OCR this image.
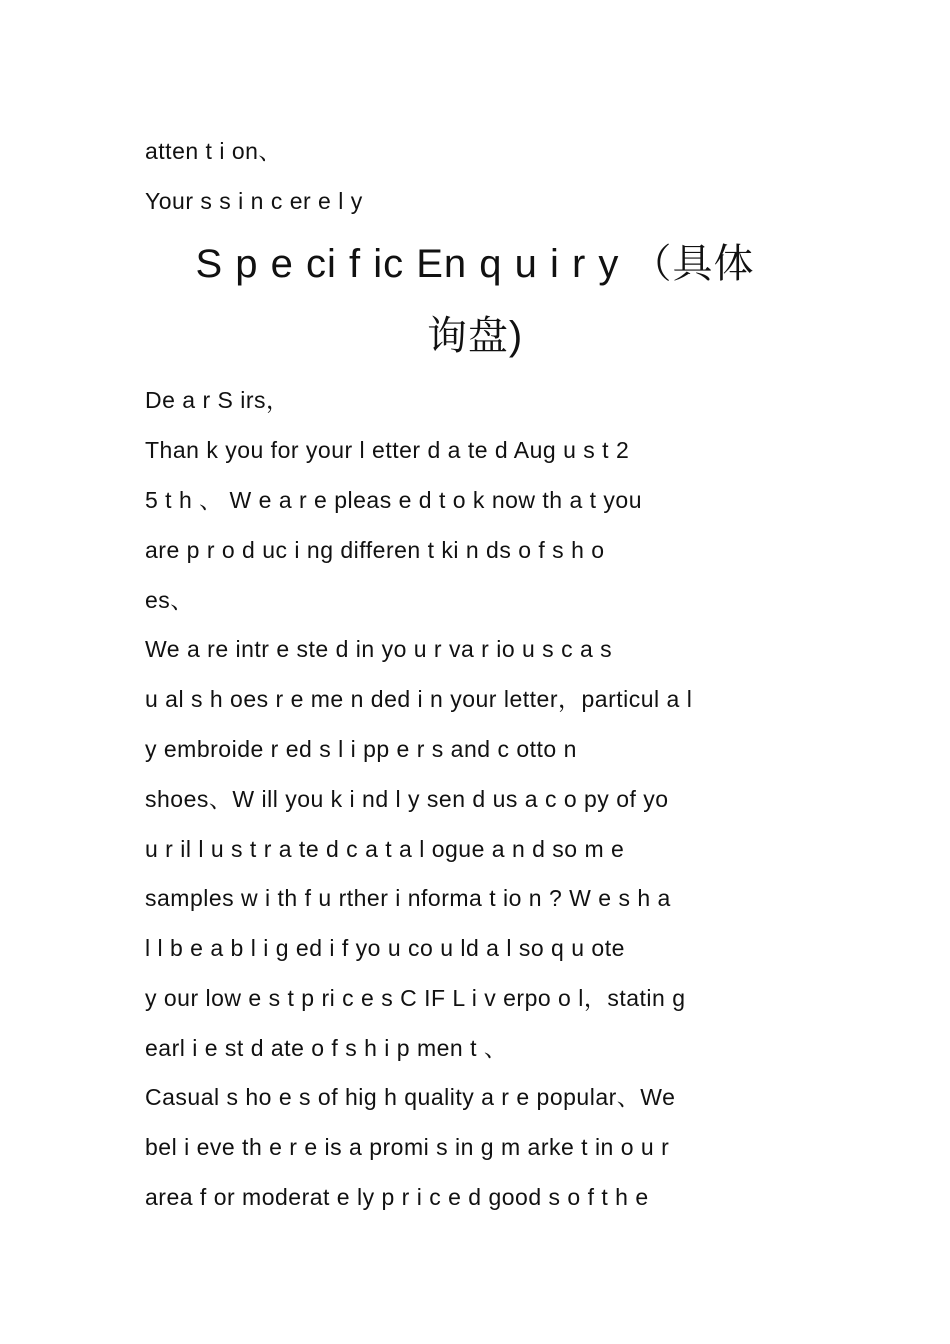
atten t i on、
Your s s i n c er e l y
S p e ci f ic En q u i r y （具体
询盘)
De a r S irs，
Than k you for your l etter d a te d Aug u s t 2
5 t h 、 W e a r e pleas e d t o k now th a t you
are p r o d uc i ng differen t ki n ds o f s h o
es、
We a re intr e ste d in yo u r va r io u s c a s
u al s h oes r e me n ded i n your letter，particul a l
y embroide r ed s l i pp e r s and c otto n
shoes、W ill you k i nd l y sen d us a c o py of yo
u r il l u s t r a te d c a t a l ogue a n d so m e
samples w i th f u rther i nforma t io n ? W e s h a
l l b e a b l i g ed i f yo u co u ld a l so q u ote
y our low e s t p ri c e s C IF L i v erpo o l，statin g
earl i e st d ate o f s h i p men t 、
Casual s ho e s of hig h quality a r e popular、We
bel i eve th e r e is a promi s in g m arke t in o u r
area f or moderat e ly p r i c e d good s o f t h e
